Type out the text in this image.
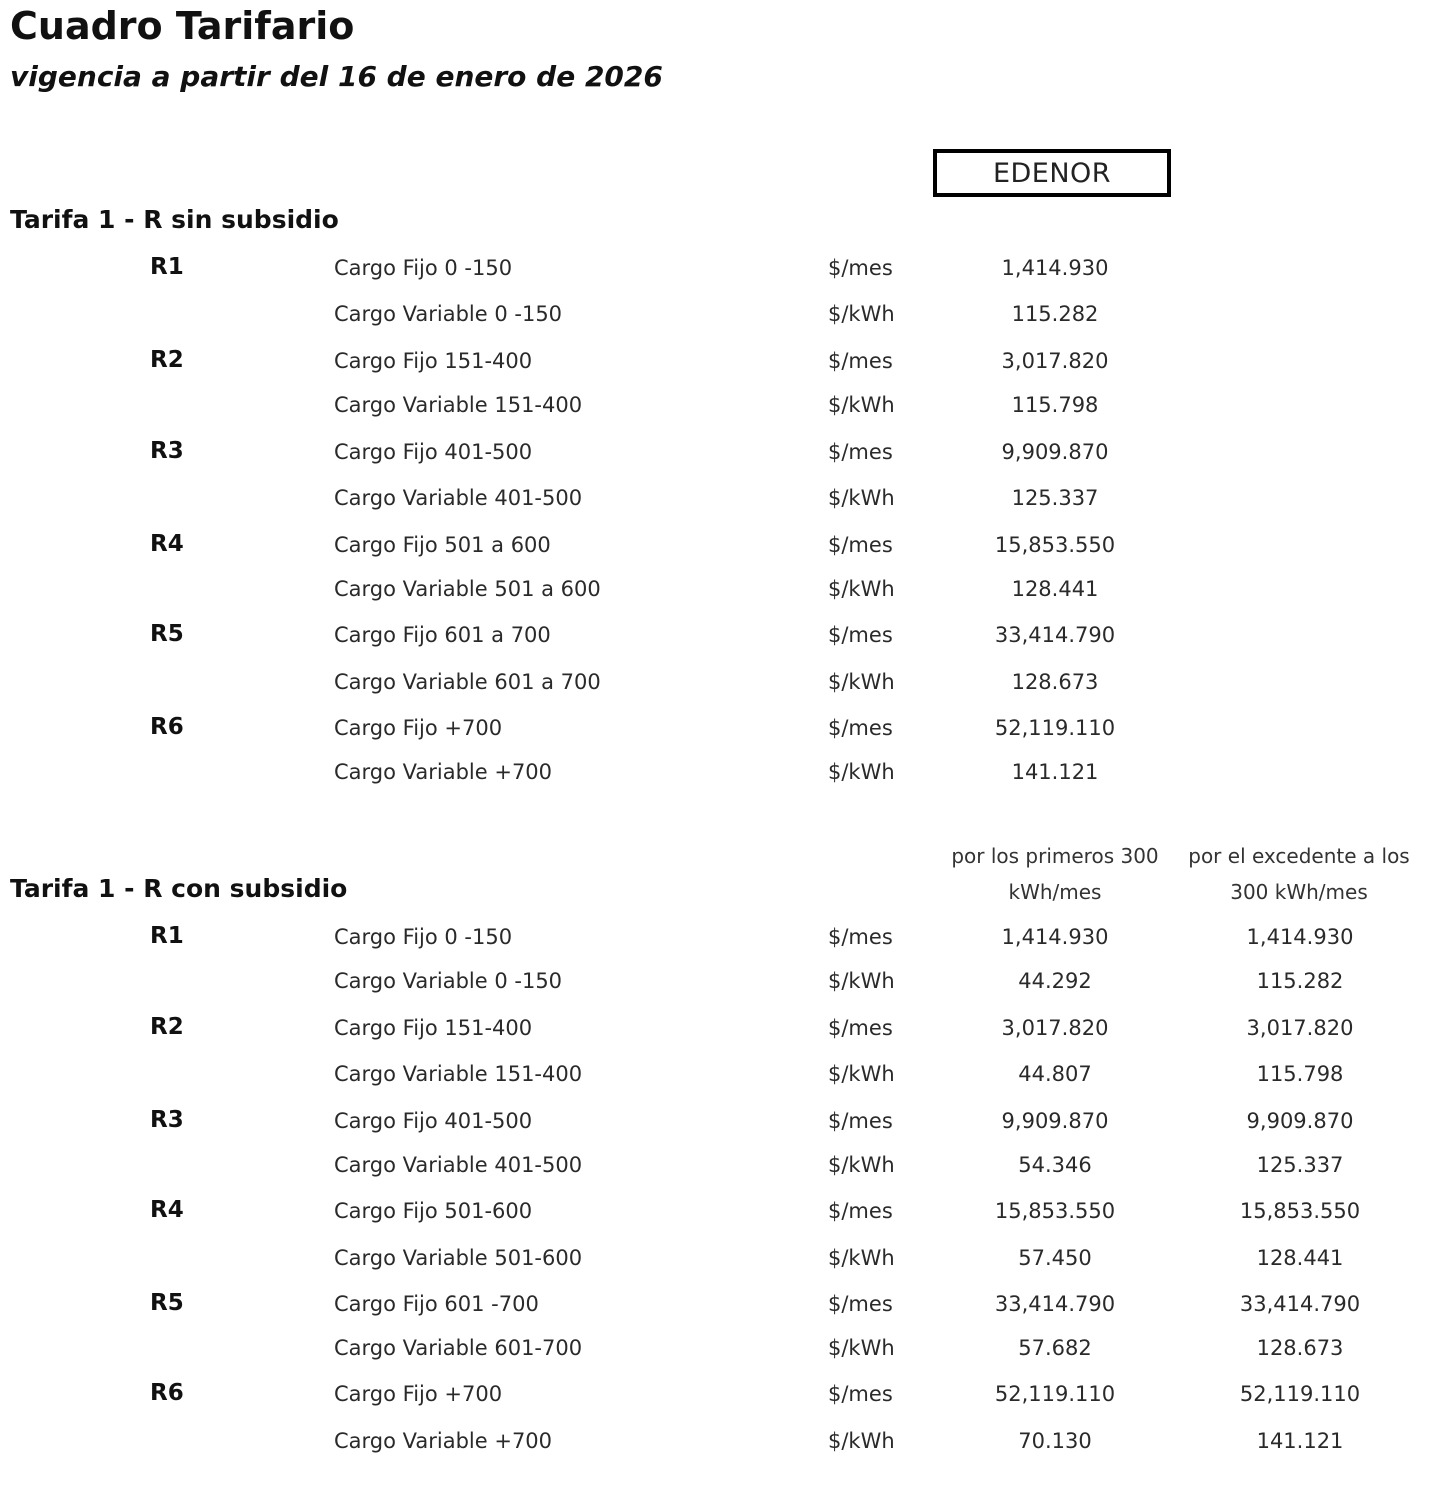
Cuadro Tarifario
vigencia a partir del 16 de enero de 2026
EDENOR
Tarifa 1 - R sin subsidio
R1	Cargo Fijo 0 -150	$/mes	1,414.930
Cargo Variable 0 -150	$/kWh	115.282
R2	Cargo Fijo 151-400	$/mes	3,017.820
Cargo Variable 151-400	$/kWh	115.798
R3	Cargo Fijo 401-500	$/mes	9,909.870
Cargo Variable 401-500	$/kWh	125.337
R4	Cargo Fijo 501 a 600	$/mes	15,853.550
Cargo Variable 501 a 600	$/kWh	128.441
R5	Cargo Fijo 601 a 700	$/mes	33,414.790
Cargo Variable 601 a 700	$/kWh	128.673
R6	Cargo Fijo +700	$/mes	52,119.110
Cargo Variable +700	$/kWh	141.121
por los primeros 300
kWh/mes
por el excedente a los
300 kWh/mes
Tarifa 1 - R con subsidio
R1	Cargo Fijo 0 -150	$/mes	1,414.930	1,414.930
Cargo Variable 0 -150	$/kWh	44.292	115.282
R2	Cargo Fijo 151-400	$/mes	3,017.820	3,017.820
Cargo Variable 151-400	$/kWh	44.807	115.798
R3	Cargo Fijo 401-500	$/mes	9,909.870	9,909.870
Cargo Variable 401-500	$/kWh	54.346	125.337
R4	Cargo Fijo 501-600	$/mes	15,853.550	15,853.550
Cargo Variable 501-600	$/kWh	57.450	128.441
R5	Cargo Fijo 601 -700	$/mes	33,414.790	33,414.790
Cargo Variable 601-700	$/kWh	57.682	128.673
R6	Cargo Fijo +700	$/mes	52,119.110	52,119.110
Cargo Variable +700	$/kWh	70.130	141.121
